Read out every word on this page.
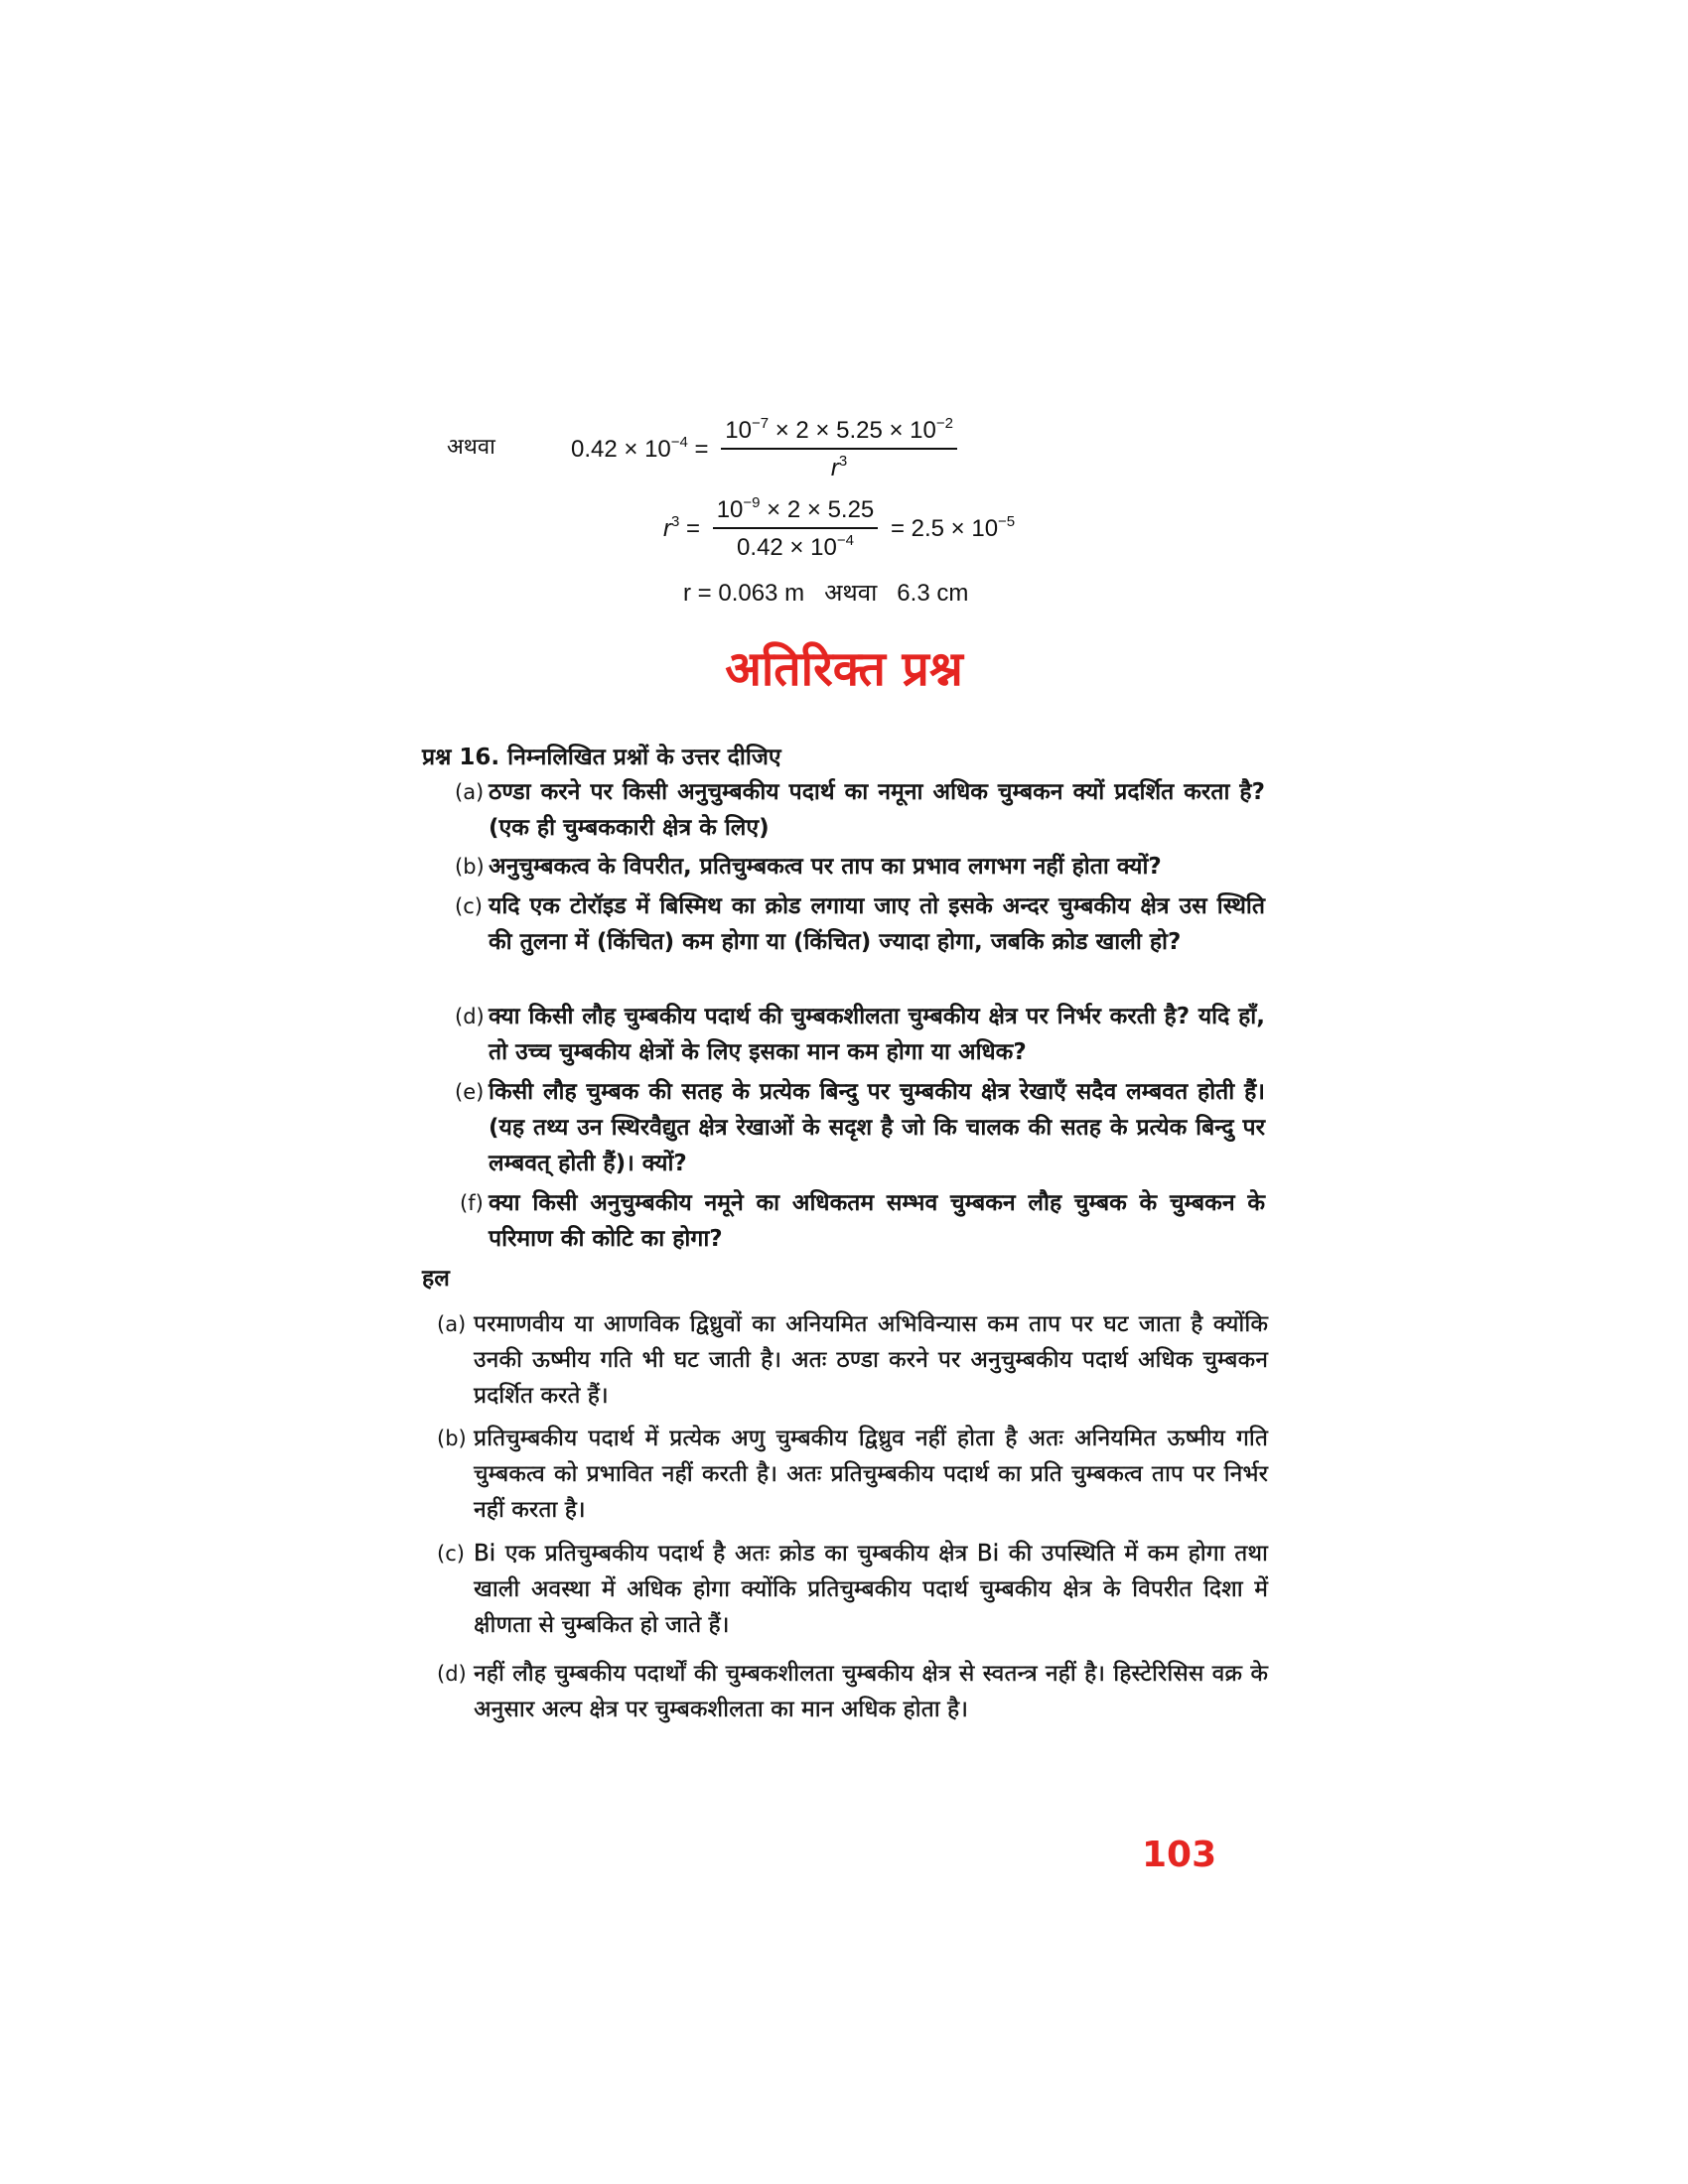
अथवा	$0.42 \times 10^{-4} = \frac{10^{-7} \times 2 \times 5.25 \times 10^{-2}}{r^3}$
$r^3 = \frac{10^{-9} \times 2 \times 5.25}{0.42 \times 10^{-4}} = 2.5 \times 10^{-5}$
r = 0.063 m   अथवा   6.3 cm
अतिरिक्त प्रश्न
प्रश्न 16. निम्नलिखित प्रश्नों के उत्तर दीजिए
(a) ठण्डा करने पर किसी अनुचुम्बकीय पदार्थ का नमूना अधिक चुम्बकन क्यों प्रदर्शित करता है? (एक ही चुम्बककारी क्षेत्र के लिए)
(b) अनुचुम्बकत्व के विपरीत, प्रतिचुम्बकत्व पर ताप का प्रभाव लगभग नहीं होता क्यों?
(c) यदि एक टोरॉइड में बिस्मिथ का क्रोड लगाया जाए तो इसके अन्दर चुम्बकीय क्षेत्र उस स्थिति की तुलना में (किंचित) कम होगा या (किंचित) ज्यादा होगा, जबकि क्रोड खाली हो?
(d) क्या किसी लौह चुम्बकीय पदार्थ की चुम्बकशीलता चुम्बकीय क्षेत्र पर निर्भर करती है? यदि हाँ, तो उच्च चुम्बकीय क्षेत्रों के लिए इसका मान कम होगा या अधिक?
(e) किसी लौह चुम्बक की सतह के प्रत्येक बिन्दु पर चुम्बकीय क्षेत्र रेखाएँ सदैव लम्बवत होती हैं। (यह तथ्य उन स्थिरवैद्युत क्षेत्र रेखाओं के सदृश है जो कि चालक की सतह के प्रत्येक बिन्दु पर लम्बवत् होती हैं)। क्यों?
(f) क्या किसी अनुचुम्बकीय नमूने का अधिकतम सम्भव चुम्बकन लौह चुम्बक के चुम्बकन के परिमाण की कोटि का होगा?
हल
(a) परमाणवीय या आणविक द्विध्रुवों का अनियमित अभिविन्यास कम ताप पर घट जाता है क्योंकि उनकी ऊष्मीय गति भी घट जाती है। अतः ठण्डा करने पर अनुचुम्बकीय पदार्थ अधिक चुम्बकन प्रदर्शित करते हैं।
(b) प्रतिचुम्बकीय पदार्थ में प्रत्येक अणु चुम्बकीय द्विध्रुव नहीं होता है अतः अनियमित ऊष्मीय गति चुम्बकत्व को प्रभावित नहीं करती है। अतः प्रतिचुम्बकीय पदार्थ का प्रति चुम्बकत्व ताप पर निर्भर नहीं करता है।
(c) Bi एक प्रतिचुम्बकीय पदार्थ है अतः क्रोड का चुम्बकीय क्षेत्र Bi की उपस्थिति में कम होगा तथा खाली अवस्था में अधिक होगा क्योंकि प्रतिचुम्बकीय पदार्थ चुम्बकीय क्षेत्र के विपरीत दिशा में क्षीणता से चुम्बकित हो जाते हैं।
(d) नहीं लौह चुम्बकीय पदार्थों की चुम्बकशीलता चुम्बकीय क्षेत्र से स्वतन्त्र नहीं है। हिस्टेरिसिस वक्र के अनुसार अल्प क्षेत्र पर चुम्बकशीलता का मान अधिक होता है।
103
